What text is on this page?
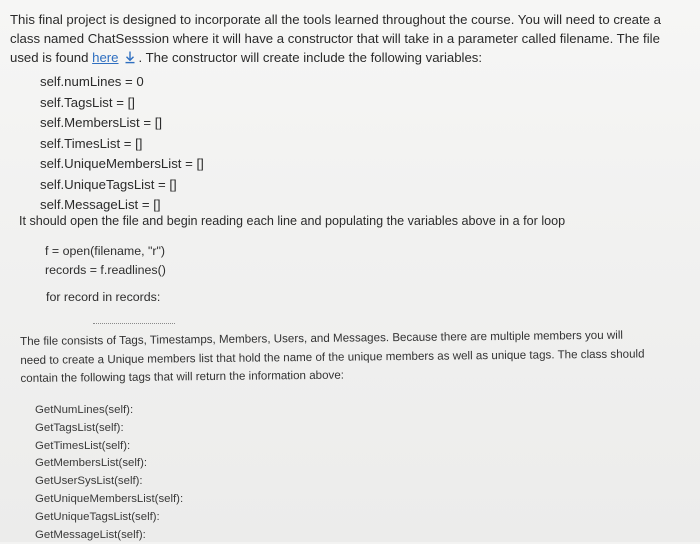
This final project is designed to incorporate all the tools learned throughout the course. You will need to create a class named ChatSesssion where it will have a constructor that will take in a parameter called filename. The file used is found here . The constructor will create include the following variables:
self.numLines = 0
self.TagsList = []
self.MembersList = []
self.TimesList = []
self.UniqueMembersList = []
self.UniqueTagsList = []
self.MessageList = []
It should open the file and begin reading each line and populating the variables above in a for loop
f = open(filename, "r")
records = f.readlines()
for record in records:
The file consists of Tags, Timestamps, Members, Users, and Messages. Because there are multiple members you will need to create a Unique members list that hold the name of the unique members as well as unique tags. The class should contain the following tags that will return the information above:
GetNumLines(self):
GetTagsList(self):
GetTimesList(self):
GetMembersList(self):
GetUserSysList(self):
GetUniqueMembersList(self):
GetUniqueTagsList(self):
GetMessageList(self):
